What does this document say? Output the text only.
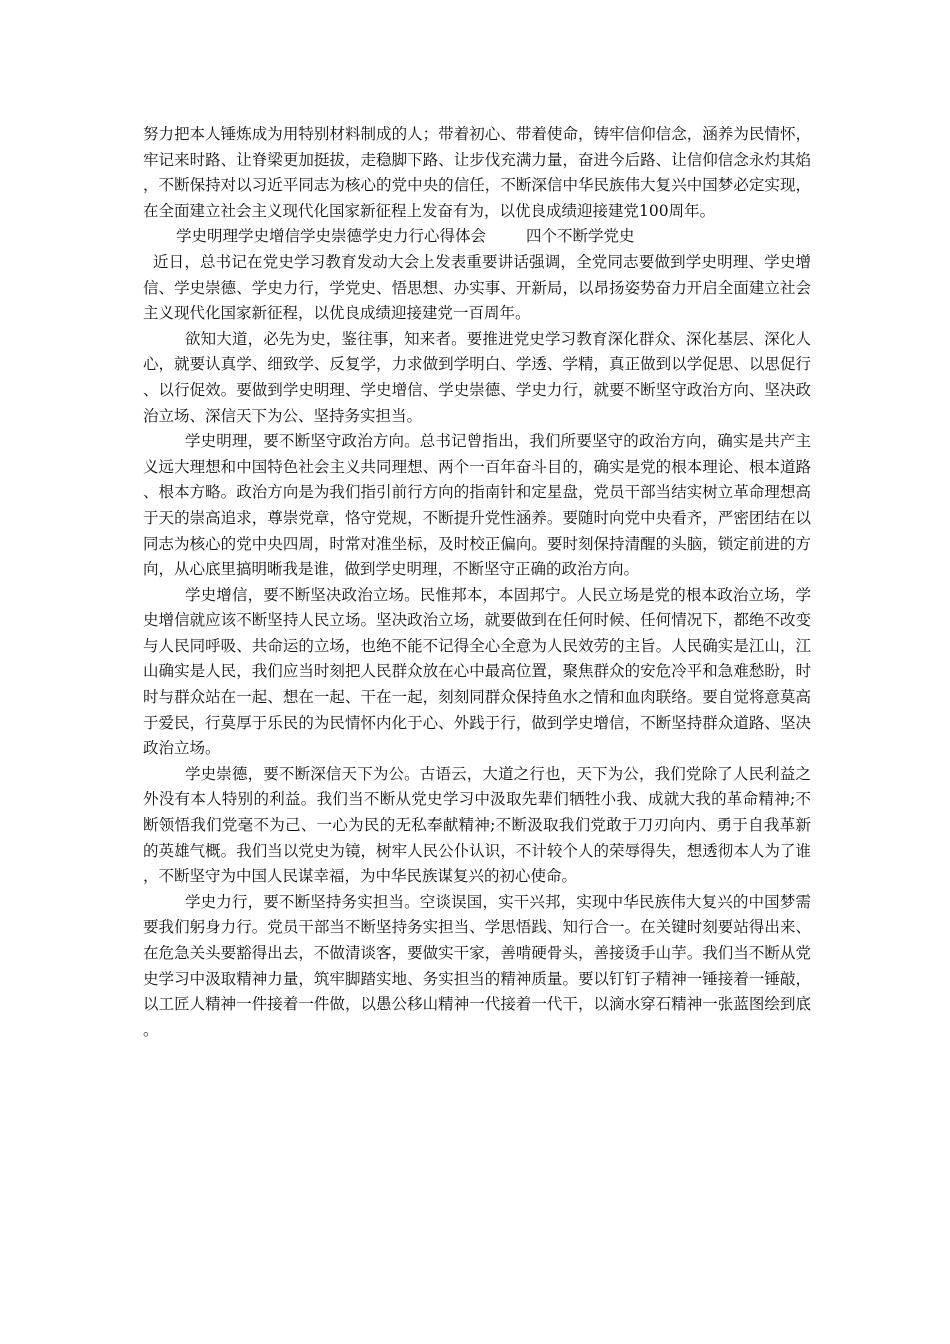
努力把本人锤炼成为用特别材料制成的人；带着初心、带着使命，铸牢信仰信念，涵养为民情怀，牢记来时路、让脊梁更加挺拔，走稳脚下路、让步伐充满力量，奋进今后路、让信仰信念永灼其焰，不断保持对以习近平同志为核心的党中央的信任，不断深信中华民族伟大复兴中国梦必定实现，在全面建立社会主义现代化国家新征程上发奋有为，以优良成绩迎接建党100周年。

学史明理学史增信学史崇德学史力行心得体会	四个不断学党史

近日，总书记在党史学习教育发动大会上发表重要讲话强调，全党同志要做到学史明理、学史增信、学史崇德、学史力行，学党史、悟思想、办实事、开新局，以昂扬姿势奋力开启全面建立社会主义现代化国家新征程，以优良成绩迎接建党一百周年。

欲知大道，必先为史，鉴往事，知来者。要推进党史学习教育深化群众、深化基层、深化人心，就要认真学、细致学、反复学，力求做到学明白、学透、学精，真正做到以学促思、以思促行、以行促效。要做到学史明理、学史增信、学史崇德、学史力行，就要不断坚守政治方向、坚决政治立场、深信天下为公、坚持务实担当。

学史明理，要不断坚守政治方向。总书记曾指出，我们所要坚守的政治方向，确实是共产主义远大理想和中国特色社会主义共同理想、两个一百年奋斗目的，确实是党的根本理论、根本道路、根本方略。政治方向是为我们指引前行方向的指南针和定星盘，党员干部当结实树立革命理想高于天的崇高追求，尊崇党章，恪守党规，不断提升党性涵养。要随时向党中央看齐，严密团结在以同志为核心的党中央四周，时常对准坐标，及时校正偏向。要时刻保持清醒的头脑，锁定前进的方向，从心底里搞明晰我是谁，做到学史明理，不断坚守正确的政治方向。

学史增信，要不断坚决政治立场。民惟邦本，本固邦宁。人民立场是党的根本政治立场，学史增信就应该不断坚持人民立场。坚决政治立场，就要做到在任何时候、任何情况下，都绝不改变与人民同呼吸、共命运的立场，也绝不能不记得全心全意为人民效劳的主旨。人民确实是江山，江山确实是人民，我们应当时刻把人民群众放在心中最高位置，聚焦群众的安危冷平和急难愁盼，时时与群众站在一起、想在一起、干在一起，刻刻同群众保持鱼水之情和血肉联络。要自觉将意莫高于爱民，行莫厚于乐民的为民情怀内化于心、外践于行，做到学史增信，不断坚持群众道路、坚决政治立场。

学史崇德，要不断深信天下为公。古语云，大道之行也，天下为公，我们党除了人民利益之外没有本人特别的利益。我们当不断从党史学习中汲取先辈们牺牲小我、成就大我的革命精神;不断领悟我们党毫不为己、一心为民的无私奉献精神;不断汲取我们党敢于刀刃向内、勇于自我革新的英雄气概。我们当以党史为镜，树牢人民公仆认识，不计较个人的荣辱得失，想透彻本人为了谁，不断坚守为中国人民谋幸福，为中华民族谋复兴的初心使命。

学史力行，要不断坚持务实担当。空谈误国，实干兴邦，实现中华民族伟大复兴的中国梦需要我们躬身力行。党员干部当不断坚持务实担当、学思悟践、知行合一。在关键时刻要站得出来、在危急关头要豁得出去，不做清谈客，要做实干家，善啃硬骨头，善接烫手山芋。我们当不断从党史学习中汲取精神力量，筑牢脚踏实地、务实担当的精神质量。要以钉钉子精神一锤接着一锤敲，以工匠人精神一件接着一件做，以愚公移山精神一代接着一代干，以滴水穿石精神一张蓝图绘到底。
